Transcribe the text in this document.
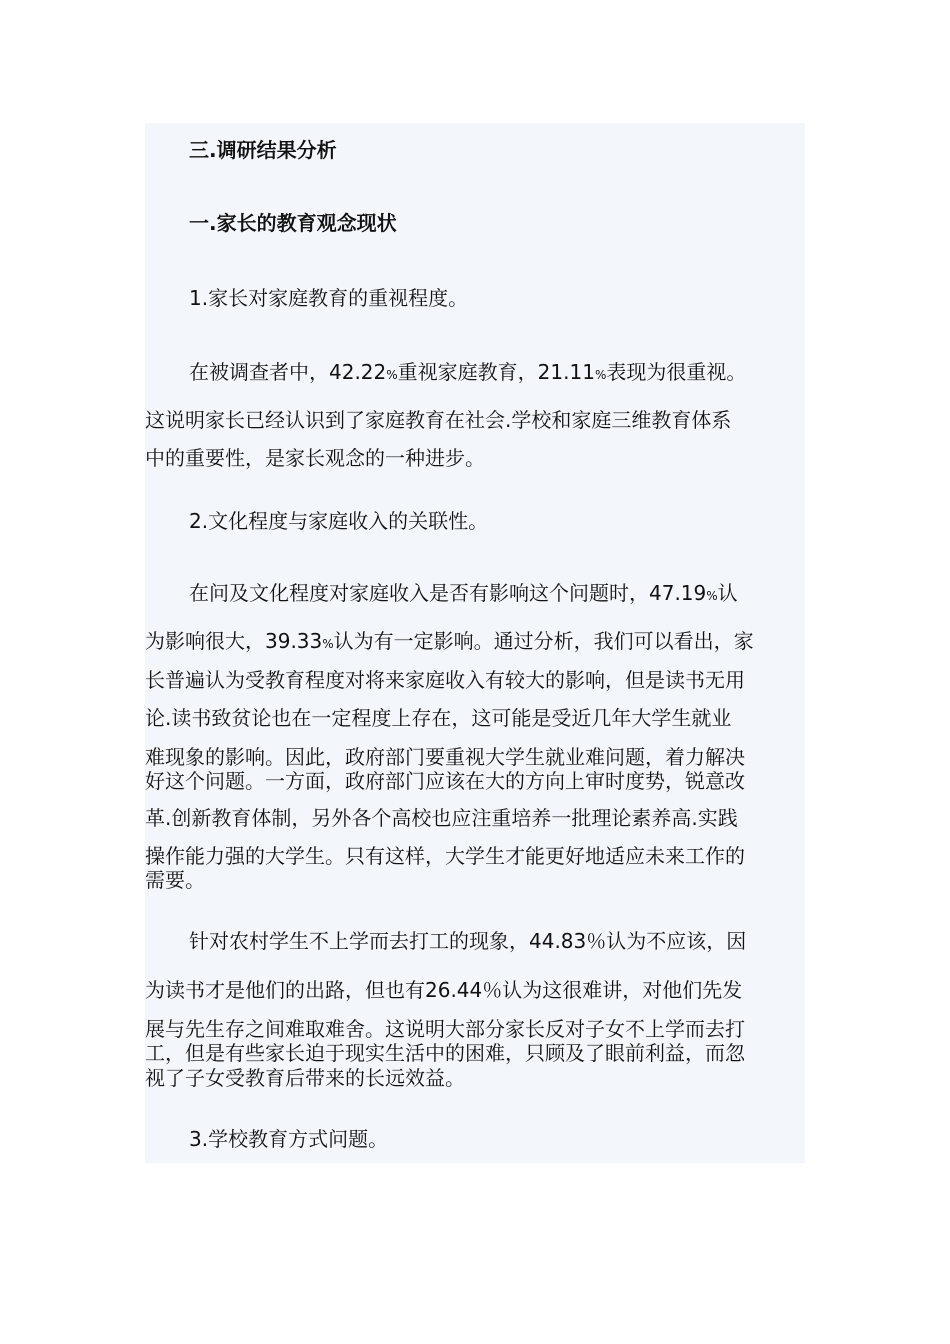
三.调研结果分析
一.家长的教育观念现状
1.家长对家庭教育的重视程度。
在被调查者中，42.22%重视家庭教育，21.11%表现为很重视。
这说明家长已经认识到了家庭教育在社会.学校和家庭三维教育体系
中的重要性，是家长观念的一种进步。
2.文化程度与家庭收入的关联性。
在问及文化程度对家庭收入是否有影响这个问题时，47.19%认
为影响很大，39.33%认为有一定影响。通过分析，我们可以看出，家
长普遍认为受教育程度对将来家庭收入有较大的影响，但是读书无用
论.读书致贫论也在一定程度上存在，这可能是受近几年大学生就业
难现象的影响。因此，政府部门要重视大学生就业难问题，着力解决
好这个问题。一方面，政府部门应该在大的方向上审时度势，锐意改
革.创新教育体制，另外各个高校也应注重培养一批理论素养高.实践
操作能力强的大学生。只有这样，大学生才能更好地适应未来工作的
需要。
针对农村学生不上学而去打工的现象，44.83％认为不应该，因
为读书才是他们的出路，但也有26.44％认为这很难讲，对他们先发
展与先生存之间难取难舍。这说明大部分家长反对子女不上学而去打
工，但是有些家长迫于现实生活中的困难，只顾及了眼前利益，而忽
视了子女受教育后带来的长远效益。
3.学校教育方式问题。
